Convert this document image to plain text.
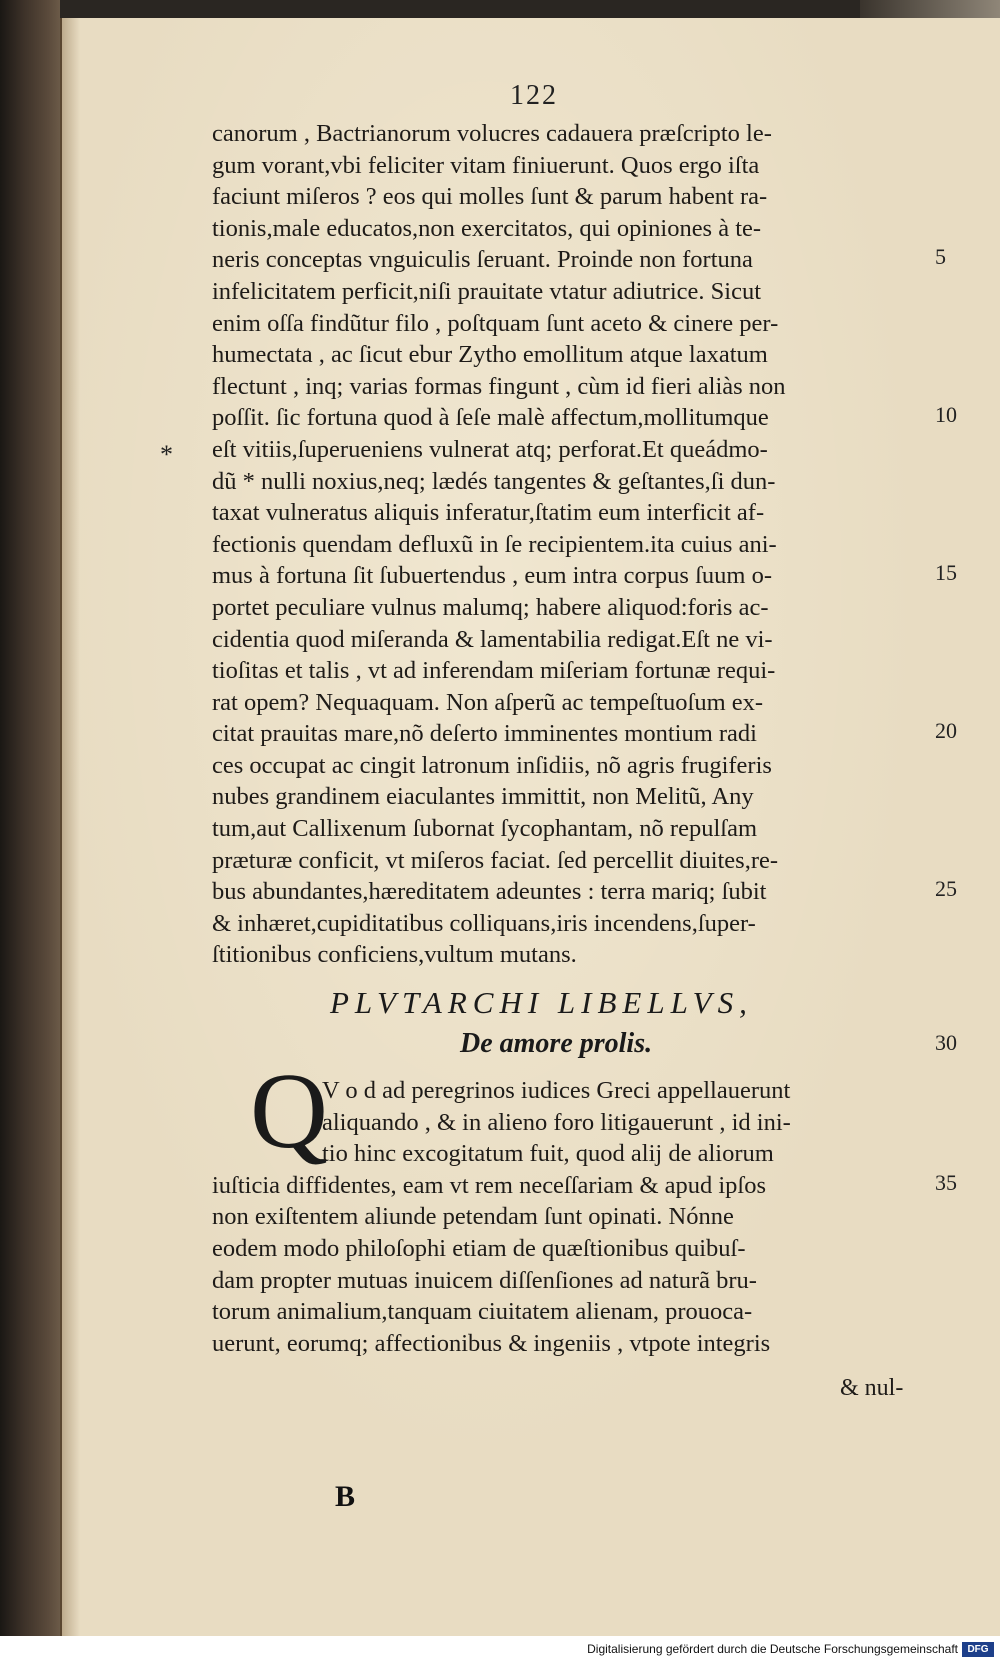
122
*
canorum , Bactrianorum volucres cadauera præſcripto le-
gum vorant,vbi feliciter vitam finiuerunt. Quos ergo iſta
faciunt miſeros ? eos qui molles ſunt & parum habent ra-
tionis,male educatos,non exercitatos, qui opiniones à te-
neris conceptas vnguiculis ſeruant. Proinde non fortuna
infelicitatem perficit,niſi prauitate vtatur adiutrice. Sicut
enim oſſa findũtur filo , poſtquam ſunt aceto & cinere per-
humectata , ac ſicut ebur Zytho emollitum atque laxatum
flectunt , inq; varias formas fingunt , cùm id fieri aliàs non
poſſit. ſic fortuna quod à ſeſe malè affectum,mollitumque
eſt vitiis,ſuperueniens vulnerat atq; perforat.Et queádmo-
dũ * nulli noxius,neq; lædés tangentes & geſtantes,ſi dun-
taxat vulneratus aliquis inferatur,ſtatim eum interficit af-
fectionis quendam defluxũ in ſe recipientem.ita cuius ani-
mus à fortuna ſit ſubuertendus , eum intra corpus ſuum o-
portet peculiare vulnus malumq; habere aliquod:foris ac-
cidentia quod miſeranda & lamentabilia redigat.Eſt ne vi-
tioſitas et talis , vt ad inferendam miſeriam fortunæ requi-
rat opem? Nequaquam. Non aſperũ ac tempeſtuoſum ex-
citat prauitas mare,nõ deſerto imminentes montium radi
ces occupat ac cingit latronum inſidiis, nõ agris frugiferis
nubes grandinem eiaculantes immittit, non Melitũ, Any
tum,aut Callixenum ſubornat ſycophantam, nõ repulſam
præturæ conficit, vt miſeros faciat. ſed percellit diuites,re-
bus abundantes,hæreditatem adeuntes : terra mariq; ſubit
& inhæret,cupiditatibus colliquans,iris incendens,ſuper-
ſtitionibus conficiens,vultum mutans.
5
10
15
20
25
30
35
PLVTARCHI LIBELLVS,
De amore prolis.
Q
V o d ad peregrinos iudices Greci appellauerunt
aliquando , & in alieno foro litigauerunt , id ini-
tio hinc excogitatum fuit, quod alij de aliorum
iuſticia diffidentes, eam vt rem neceſſariam & apud ipſos
non exiſtentem aliunde petendam ſunt opinati. Nónne
eodem modo philoſophi etiam de quæſtionibus quibuſ-
dam propter mutuas inuicem diſſenſiones ad naturã bru-
torum animalium,tanquam ciuitatem alienam, prouoca-
uerunt, eorumq; affectionibus & ingeniis , vtpote integris
& nul-
B
Digitalisierung gefördert durch die Deutsche Forschungsgemeinschaft DFG
